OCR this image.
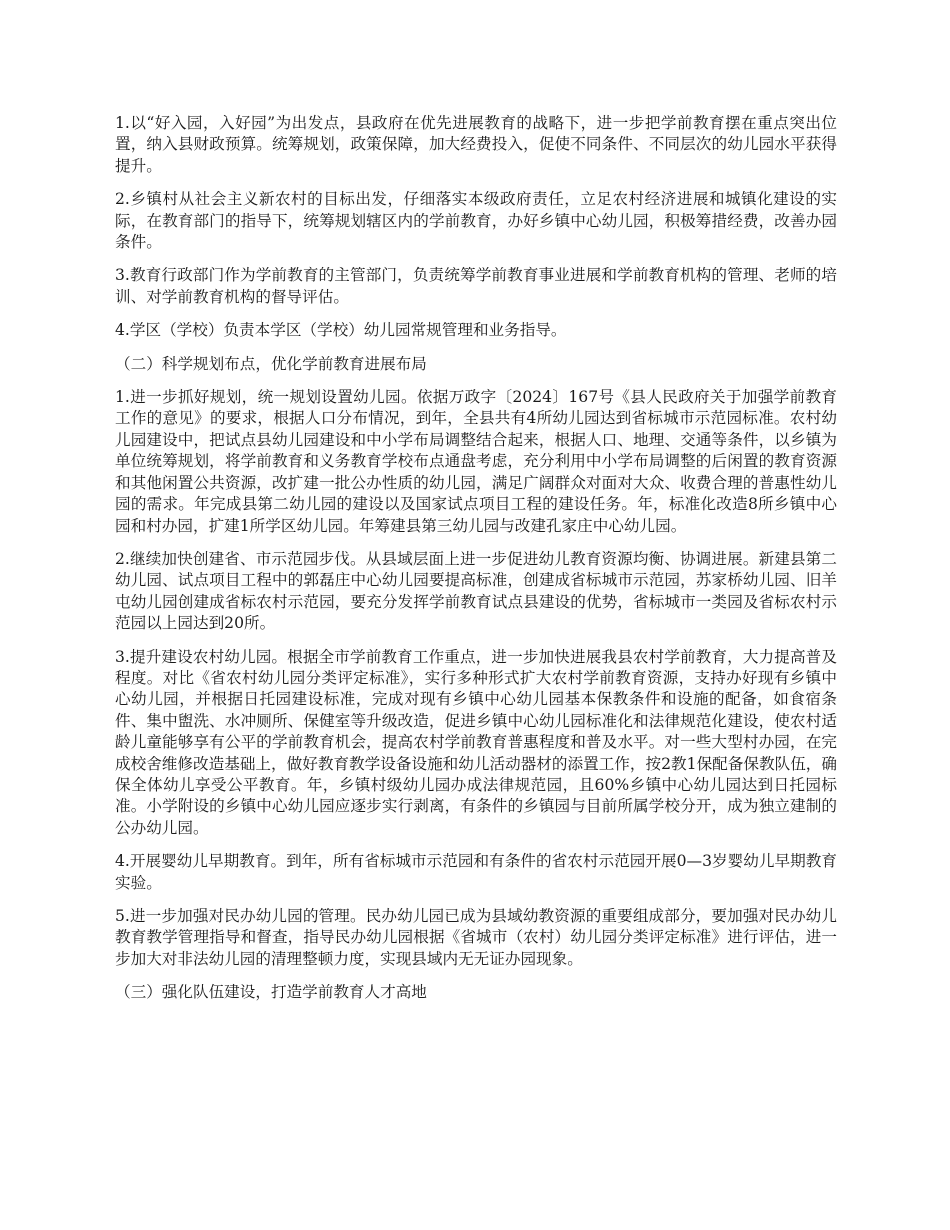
1.以“好入园，入好园”为出发点，县政府在优先进展教育的战略下，进一步把学前教育摆在重点突出位置，纳入县财政预算。统筹规划，政策保障，加大经费投入，促使不同条件、不同层次的幼儿园水平获得提升。

2.乡镇村从社会主义新农村的目标出发，仔细落实本级政府责任，立足农村经济进展和城镇化建设的实际，在教育部门的指导下，统筹规划辖区内的学前教育，办好乡镇中心幼儿园，积极筹措经费，改善办园条件。

3.教育行政部门作为学前教育的主管部门，负责统筹学前教育事业进展和学前教育机构的管理、老师的培训、对学前教育机构的督导评估。

4.学区（学校）负责本学区（学校）幼儿园常规管理和业务指导。

（二）科学规划布点，优化学前教育进展布局

1.进一步抓好规划，统一规划设置幼儿园。依据万政字〔2024〕167号《县人民政府关于加强学前教育工作的意见》的要求，根据人口分布情况，到年，全县共有4所幼儿园达到省标城市示范园标准。农村幼儿园建设中，把试点县幼儿园建设和中小学布局调整结合起来，根据人口、地理、交通等条件，以乡镇为单位统筹规划，将学前教育和义务教育学校布点通盘考虑，充分利用中小学布局调整的后闲置的教育资源和其他闲置公共资源，改扩建一批公办性质的幼儿园，满足广阔群众对面对大众、收费合理的普惠性幼儿园的需求。年完成县第二幼儿园的建设以及国家试点项目工程的建设任务。年，标准化改造8所乡镇中心园和村办园，扩建1所学区幼儿园。年筹建县第三幼儿园与改建孔家庄中心幼儿园。

2.继续加快创建省、市示范园步伐。从县域层面上进一步促进幼儿教育资源均衡、协调进展。新建县第二幼儿园、试点项目工程中的郭磊庄中心幼儿园要提高标准，创建成省标城市示范园，苏家桥幼儿园、旧羊屯幼儿园创建成省标农村示范园，要充分发挥学前教育试点县建设的优势，省标城市一类园及省标农村示范园以上园达到20所。

3.提升建设农村幼儿园。根据全市学前教育工作重点，进一步加快进展我县农村学前教育，大力提高普及程度。对比《省农村幼儿园分类评定标准》，实行多种形式扩大农村学前教育资源，支持办好现有乡镇中心幼儿园，并根据日托园建设标准，完成对现有乡镇中心幼儿园基本保教条件和设施的配备，如食宿条件、集中盥洗、水冲厕所、保健室等升级改造，促进乡镇中心幼儿园标准化和法律规范化建设，使农村适龄儿童能够享有公平的学前教育机会，提高农村学前教育普惠程度和普及水平。对一些大型村办园，在完成校舍维修改造基础上，做好教育教学设备设施和幼儿活动器材的添置工作，按2教1保配备保教队伍，确保全体幼儿享受公平教育。年，乡镇村级幼儿园办成法律规范园，且60%乡镇中心幼儿园达到日托园标准。小学附设的乡镇中心幼儿园应逐步实行剥离，有条件的乡镇园与目前所属学校分开，成为独立建制的公办幼儿园。

4.开展婴幼儿早期教育。到年，所有省标城市示范园和有条件的省农村示范园开展0—3岁婴幼儿早期教育实验。

5.进一步加强对民办幼儿园的管理。民办幼儿园已成为县域幼教资源的重要组成部分，要加强对民办幼儿教育教学管理指导和督查，指导民办幼儿园根据《省城市（农村）幼儿园分类评定标准》进行评估，进一步加大对非法幼儿园的清理整顿力度，实现县域内无无证办园现象。

（三）强化队伍建设，打造学前教育人才高地
